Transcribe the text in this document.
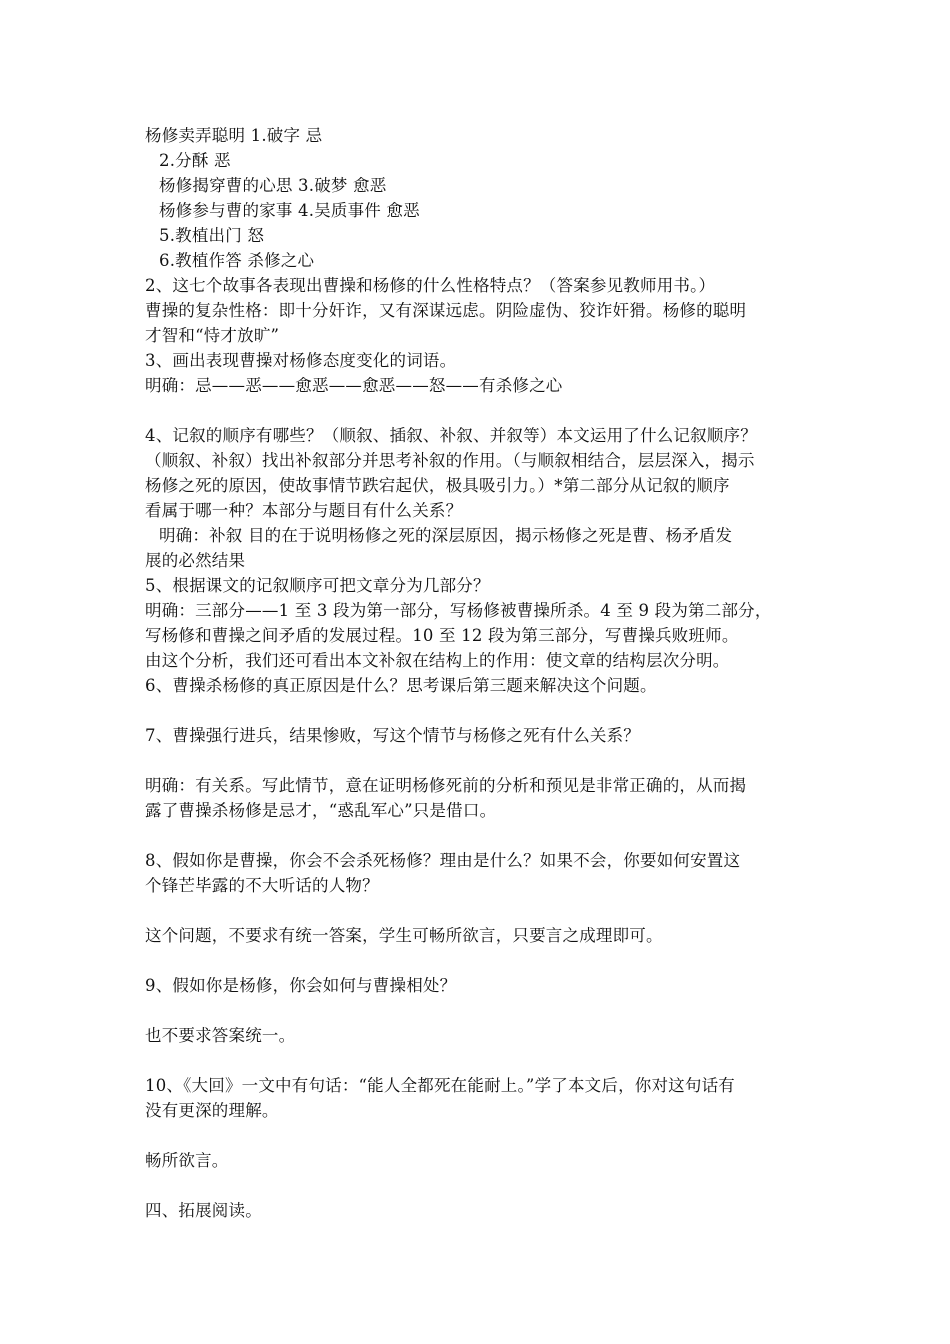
杨修卖弄聪明 1.破字 忌
2.分酥 恶
杨修揭穿曹的心思 3.破梦 愈恶
杨修参与曹的家事 4.吴质事件 愈恶
5.教植出门 怒
6.教植作答 杀修之心
2、这七个故事各表现出曹操和杨修的什么性格特点？（答案参见教师用书。）
曹操的复杂性格：即十分奸诈，又有深谋远虑。阴险虚伪、狡诈奸猾。杨修的聪明
才智和“恃才放旷”
3、画出表现曹操对杨修态度变化的词语。
明确：忌——恶——愈恶——愈恶——怒——有杀修之心
4、记叙的顺序有哪些？（顺叙、插叙、补叙、并叙等）本文运用了什么记叙顺序？
（顺叙、补叙）找出补叙部分并思考补叙的作用。（与顺叙相结合，层层深入，揭示
杨修之死的原因，使故事情节跌宕起伏，极具吸引力。）*第二部分从记叙的顺序
看属于哪一种？本部分与题目有什么关系？
明确：补叙 目的在于说明杨修之死的深层原因，揭示杨修之死是曹、杨矛盾发
展的必然结果
5、根据课文的记叙顺序可把文章分为几部分？
明确：三部分——1 至 3 段为第一部分，写杨修被曹操所杀。4 至 9 段为第二部分，
写杨修和曹操之间矛盾的发展过程。10 至 12 段为第三部分，写曹操兵败班师。
由这个分析，我们还可看出本文补叙在结构上的作用：使文章的结构层次分明。
6、曹操杀杨修的真正原因是什么？思考课后第三题来解决这个问题。
7、曹操强行进兵，结果惨败，写这个情节与杨修之死有什么关系？
明确：有关系。写此情节，意在证明杨修死前的分析和预见是非常正确的，从而揭
露了曹操杀杨修是忌才，“惑乱军心”只是借口。
8、假如你是曹操，你会不会杀死杨修？理由是什么？如果不会，你要如何安置这
个锋芒毕露的不大听话的人物？
这个问题，不要求有统一答案，学生可畅所欲言，只要言之成理即可。
9、假如你是杨修，你会如何与曹操相处？
也不要求答案统一。
10、《大回》一文中有句话：“能人全都死在能耐上。”学了本文后，你对这句话有
没有更深的理解。
畅所欲言。
四、拓展阅读。
